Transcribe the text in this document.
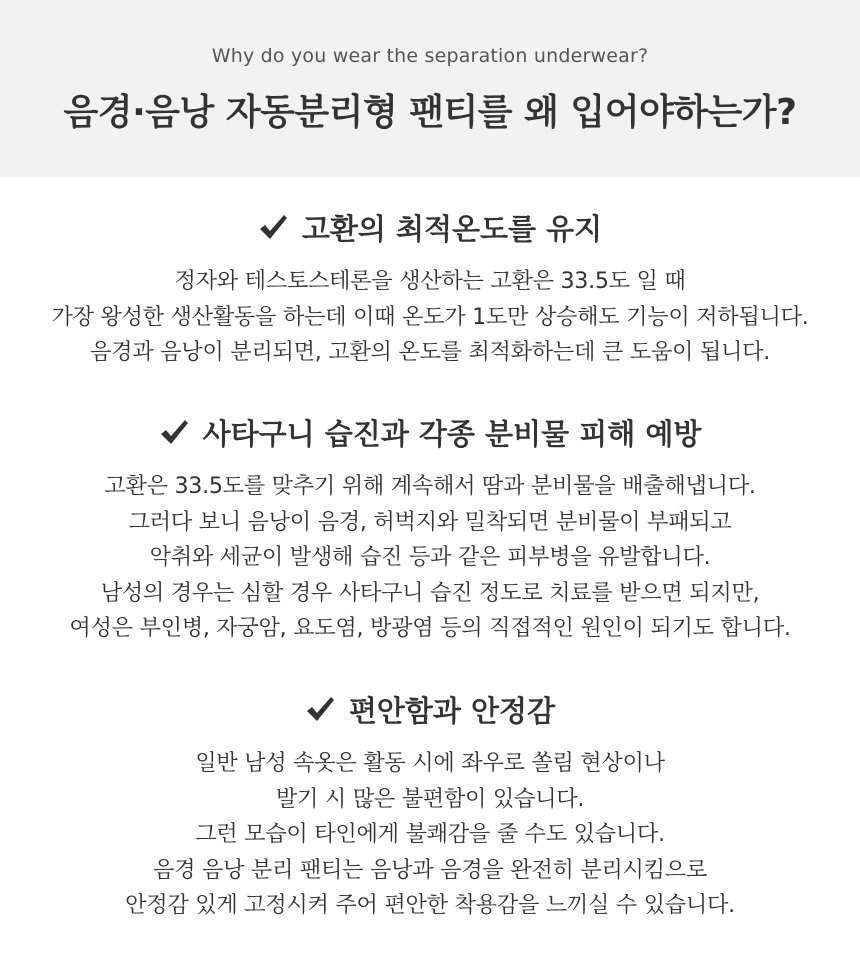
Why do you wear the separation underwear?
음경·음낭 자동분리형 팬티를 왜 입어야하는가?
고환의 최적온도를 유지
정자와 테스토스테론을 생산하는 고환은 33.5도 일 때
가장 왕성한 생산활동을 하는데 이때 온도가 1도만 상승해도 기능이 저하됩니다.
음경과 음낭이 분리되면, 고환의 온도를 최적화하는데 큰 도움이 됩니다.
사타구니 습진과 각종 분비물 피해 예방
고환은 33.5도를 맞추기 위해 계속해서 땀과 분비물을 배출해냅니다.
그러다 보니 음낭이 음경, 허벅지와 밀착되면 분비물이 부패되고
악취와 세균이 발생해 습진 등과 같은 피부병을 유발합니다.
남성의 경우는 심할 경우 사타구니 습진 정도로 치료를 받으면 되지만,
여성은 부인병, 자궁암, 요도염, 방광염 등의 직접적인 원인이 되기도 합니다.
편안함과 안정감
일반 남성 속옷은 활동 시에 좌우로 쏠림 현상이나
발기 시 많은 불편함이 있습니다.
그런 모습이 타인에게 불쾌감을 줄 수도 있습니다.
음경 음낭 분리 팬티는 음낭과 음경을 완전히 분리시킴으로
안정감 있게 고정시켜 주어 편안한 착용감을 느끼실 수 있습니다.
